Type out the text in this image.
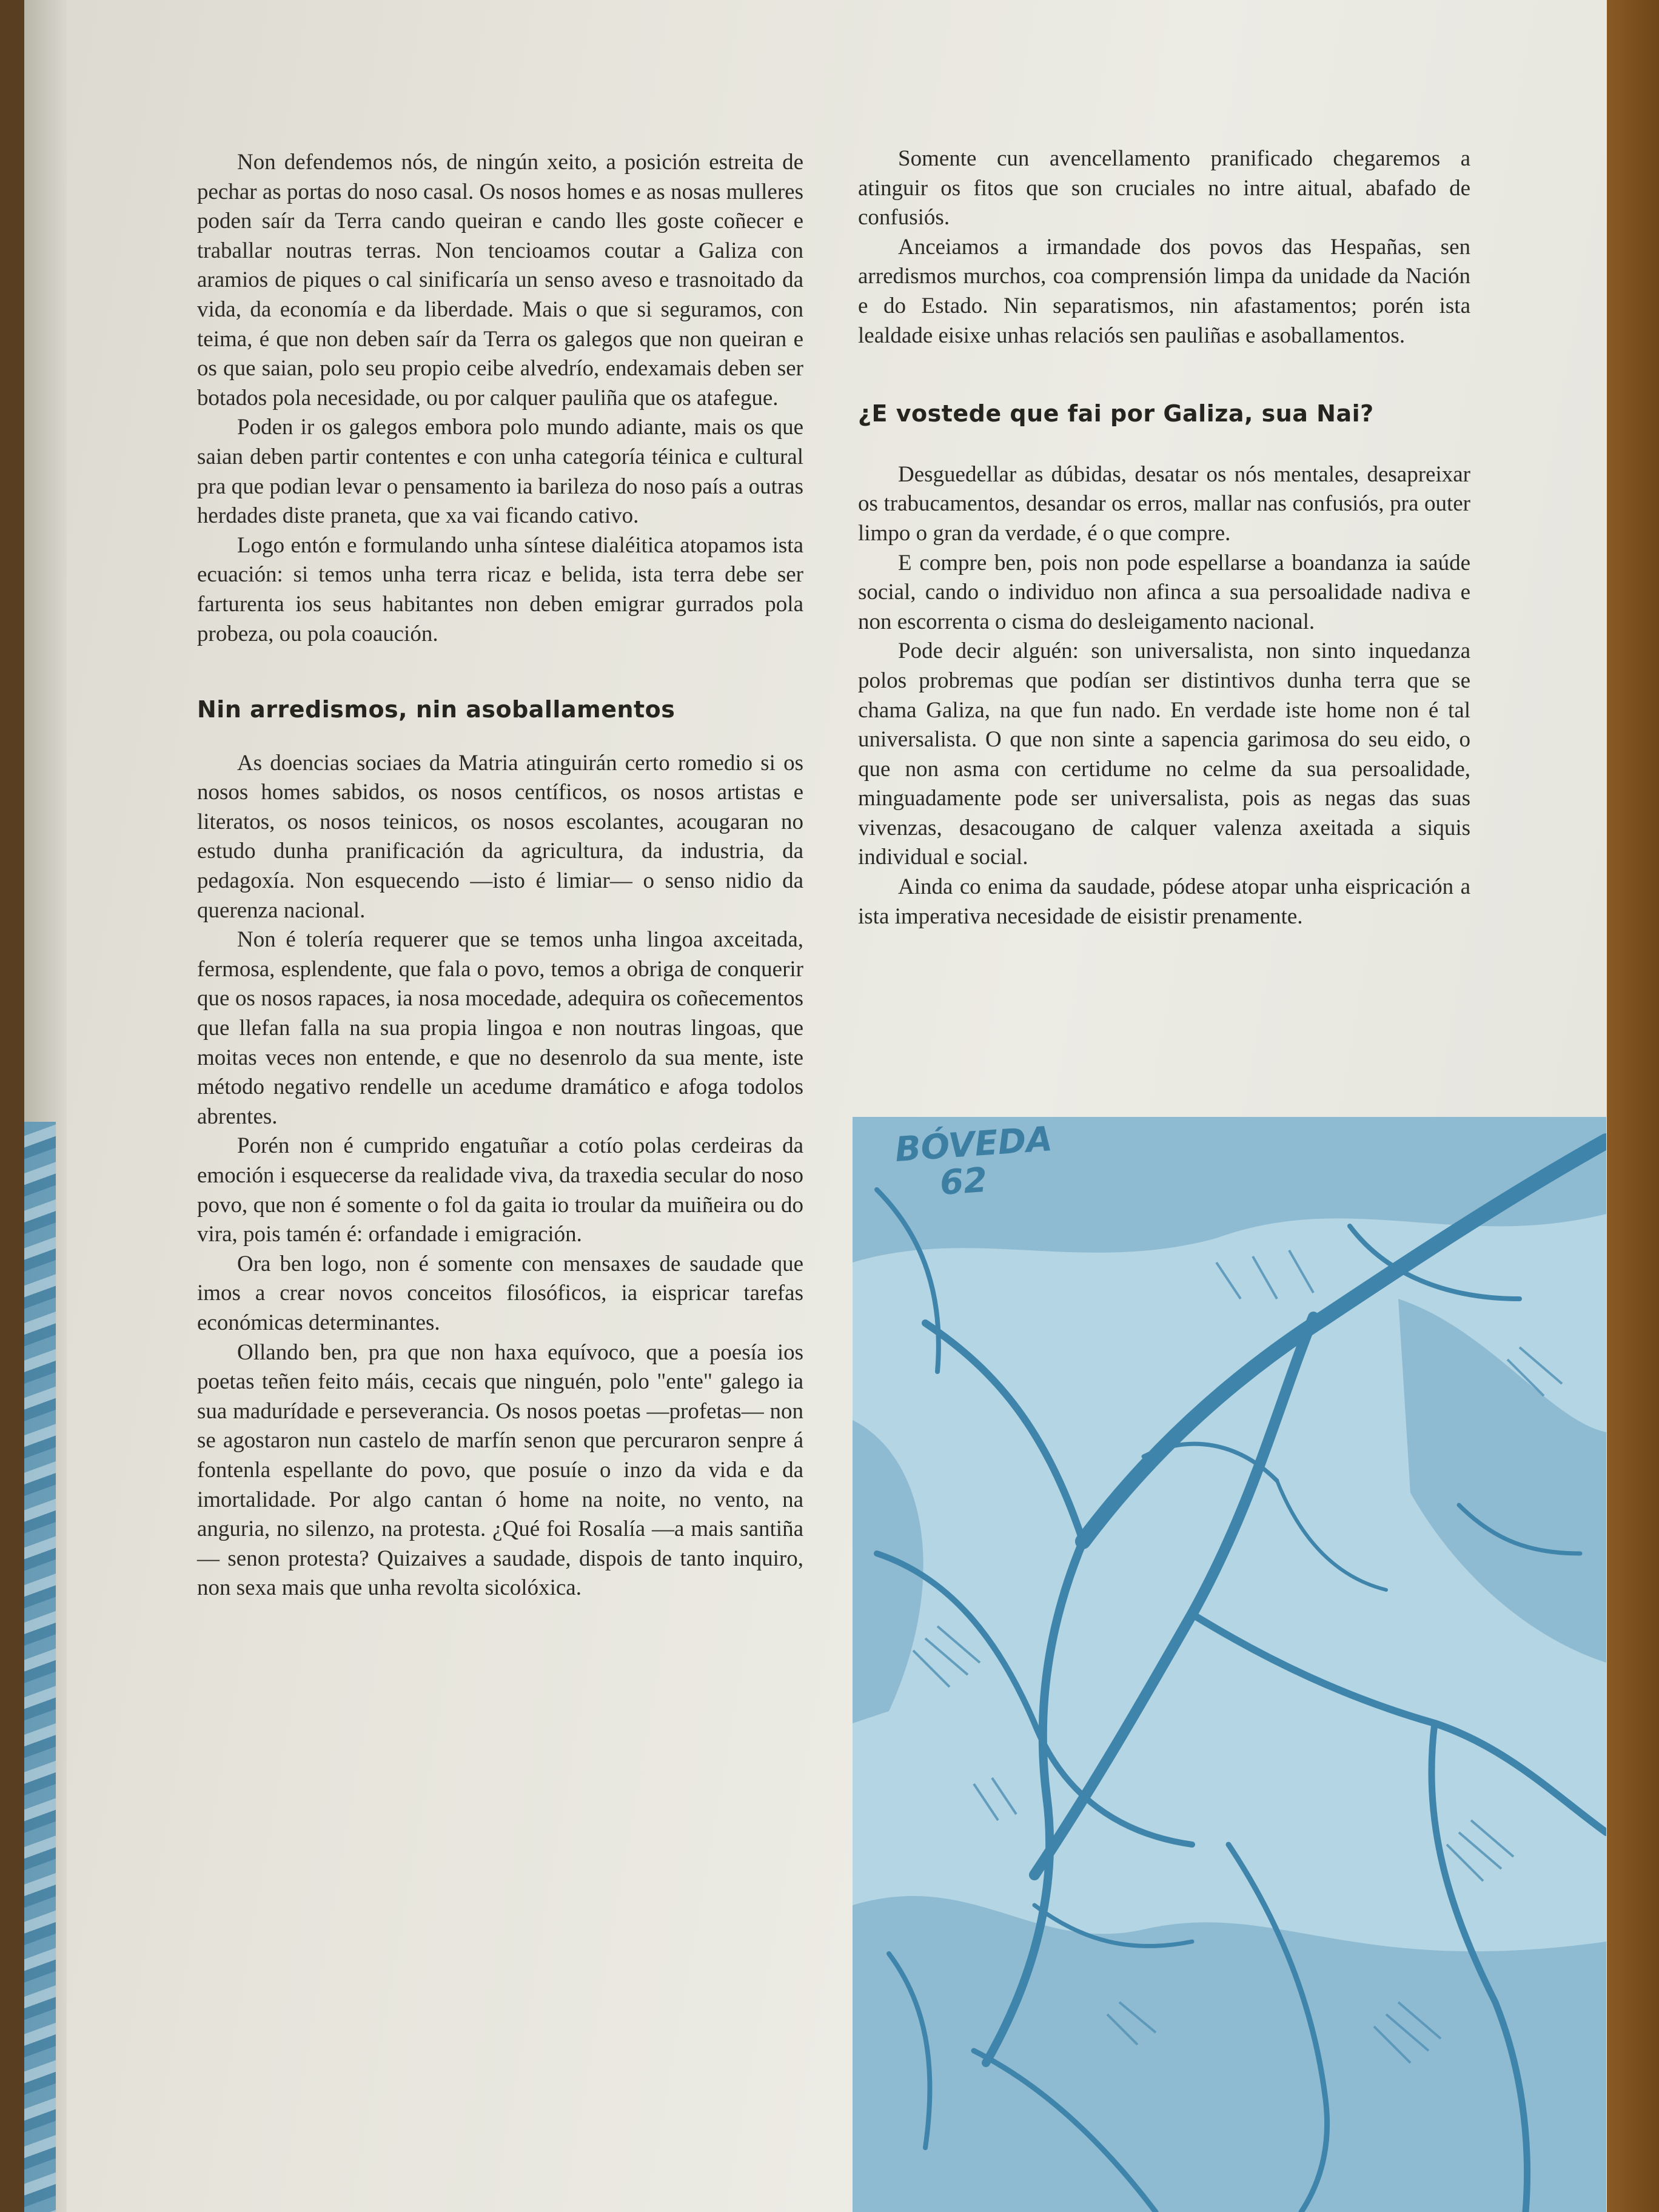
Non defendemos nós, de ningún xeito, a posición estreita de pechar as portas do noso casal. Os nosos homes e as nosas mulleres poden saír da Terra cando queiran e cando lles goste coñecer e traballar noutras terras. Non tencioamos coutar a Galiza con aramios de piques o cal sinificaría un senso aveso e trasnoitado da vida, da economía e da liberdade. Mais o que si seguramos, con teima, é que non deben saír da Terra os galegos que non queiran e os que saian, polo seu propio ceibe alvedrío, endexamais deben ser botados pola necesidade, ou por calquer pauliña que os atafegue.

Poden ir os galegos embora polo mundo adiante, mais os que saian deben partir contentes e con unha categoría téinica e cultural pra que podian levar o pensamento ia barileza do noso país a outras herdades diste praneta, que xa vai ficando cativo.

Logo entón e formulando unha síntese dialéitica atopamos ista ecuación: si temos unha terra ricaz e belida, ista terra debe ser farturenta ios seus habitantes non deben emigrar gurrados pola probeza, ou pola coaución.

Nin arredismos, nin asoballamentos

As doencias sociaes da Matria atinguirán certo romedio si os nosos homes sabidos, os nosos centíficos, os nosos artistas e literatos, os nosos teinicos, os nosos escolantes, acougaran no estudo dunha pranificación da agricultura, da industria, da pedagoxía. Non esquecendo —isto é limiar— o senso nidio da querenza nacional.

Non é tolería requerer que se temos unha lingoa axceitada, fermosa, esplendente, que fala o povo, temos a obriga de conquerir que os nosos rapaces, ia nosa mocedade, adequira os coñecementos que llefan falla na sua propia lingoa e non noutras lingoas, que moitas veces non entende, e que no desenrolo da sua mente, iste método negativo rendelle un acedume dramático e afoga todolos abrentes.

Porén non é cumprido engatuñar a cotío polas cerdeiras da emoción i esquecerse da realidade viva, da traxedia secular do noso povo, que non é somente o fol da gaita io troular da muiñeira ou do vira, pois tamén é: orfandade i emigración.

Ora ben logo, non é somente con mensaxes de saudade que imos a crear novos conceitos filosóficos, ia eispricar tarefas económicas determinantes.

Ollando ben, pra que non haxa equívoco, que a poesía ios poetas teñen feito máis, cecais que ninguén, polo "ente" galego ia sua madurídade e perseverancia. Os nosos poetas —profetas— non se agostaron nun castelo de marfín senon que percuraron senpre á fontenla espellante do povo, que posuíe o inzo da vida e da imortalidade. Por algo cantan ó home na noite, no vento, na anguria, no silenzo, na protesta. ¿Qué foi Rosalía —a mais santiña— senon protesta? Quizaives a saudade, dispois de tanto inquiro, non sexa mais que unha revolta sicolóxica.

Somente cun avencellamento pranificado chegaremos a atinguir os fitos que son cruciales no intre aitual, abafado de confusiós.

Anceiamos a irmandade dos povos das Hespañas, sen arredismos murchos, coa comprensión limpa da unidade da Nación e do Estado. Nin separatismos, nin afastamentos; porén ista lealdade eisixe unhas relaciós sen pauliñas e asoballamentos.

¿E vostede que fai por Galiza, sua Nai?

Desguedellar as dúbidas, desatar os nós mentales, desapreixar os trabucamentos, desandar os erros, mallar nas confusiós, pra outer limpo o gran da verdade, é o que compre.

E compre ben, pois non pode espellarse a boandanza ia saúde social, cando o individuo non afinca a sua persoalidade nadiva e non escorrenta o cisma do desleigamento nacional.

Pode decir alguén: son universalista, non sinto inquedanza polos probremas que podían ser distintivos dunha terra que se chama Galiza, na que fun nado. En verdade iste home non é tal universalista. O que non sinte a sapencia garimosa do seu eido, o que non asma con certidume no celme da sua persoalidade, minguadamente pode ser universalista, pois as negas das suas vivenzas, desacougano de calquer valenza axeitada a siquis individual e social.

Ainda co enima da saudade, pódese atopar unha eispricación a ista imperativa necesidade de eisistir prenamente.

BÓVEDA
62
